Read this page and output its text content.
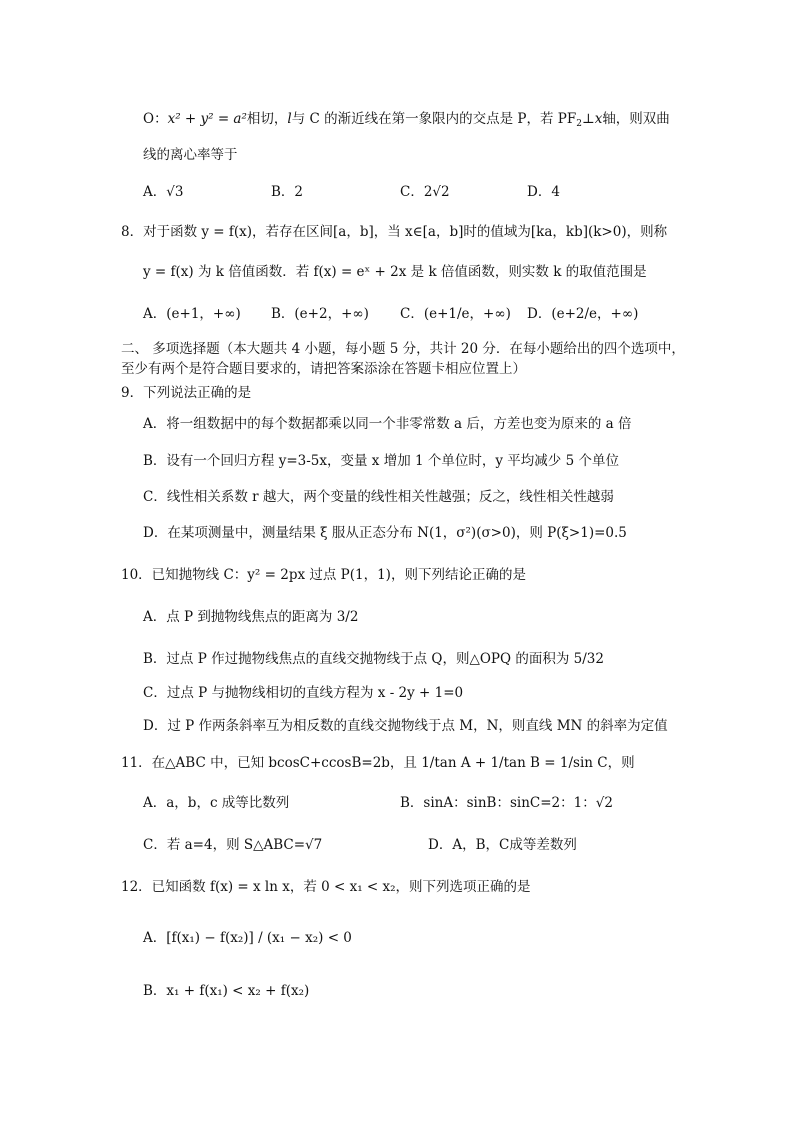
O：x² + y² = a²相切，l与 C 的渐近线在第一象限内的交点是 P，若 $PF_2\perp x$轴，则双曲
线的离心率等于
A．√3	B．2	C．2√2	D．4
8．对于函数 y = f(x)，若存在区间[a，b]，当 x∈[a，b]时的值域为[ka，kb](k>0)，则称
y = f(x) 为 k 倍值函数．若 f(x) = eˣ + 2x 是 k 倍值函数，则实数 k 的取值范围是
A．(e+1，+∞) B．(e+2，+∞) C．(e+1/e，+∞) D．(e+2/e，+∞)
二、 多项选择题（本大题共 4 小题，每小题 5 分，共计 20 分．在每小题给出的四个选项中，
至少有两个是符合题目要求的，请把答案添涂在答题卡相应位置上）
9．下列说法正确的是
A．将一组数据中的每个数据都乘以同一个非零常数 a 后，方差也变为原来的 a 倍
B．设有一个回归方程 y=3-5x，变量 x 增加 1 个单位时，y 平均减少 5 个单位
C．线性相关系数 r 越大，两个变量的线性相关性越强；反之，线性相关性越弱
D．在某项测量中，测量结果 ξ 服从正态分布 N(1，σ²)(σ>0)，则 P(ξ>1)=0.5
10．已知抛物线 C：y² = 2px 过点 P(1，1)，则下列结论正确的是
A．点 P 到抛物线焦点的距离为 3/2
B．过点 P 作过抛物线焦点的直线交抛物线于点 Q，则△OPQ 的面积为 5/32
C．过点 P 与抛物线相切的直线方程为 x - 2y + 1=0
D．过 P 作两条斜率互为相反数的直线交抛物线于点 M，N，则直线 MN 的斜率为定值
11．在△ABC 中，已知 bcosC+ccosB=2b，且 1/tan A + 1/tan B = 1/sin C，则
A．a，b，c 成等比数列	B．sinA：sinB：sinC=2：1：√2
C．若 a=4，则 S△ABC=√7	D．A，B，C成等差数列
12．已知函数 f(x) = x ln x，若 0 < x₁ < x₂，则下列选项正确的是
A．[f(x₁) − f(x₂)] / (x₁ − x₂) < 0
B．x₁ + f(x₁) < x₂ + f(x₂)
